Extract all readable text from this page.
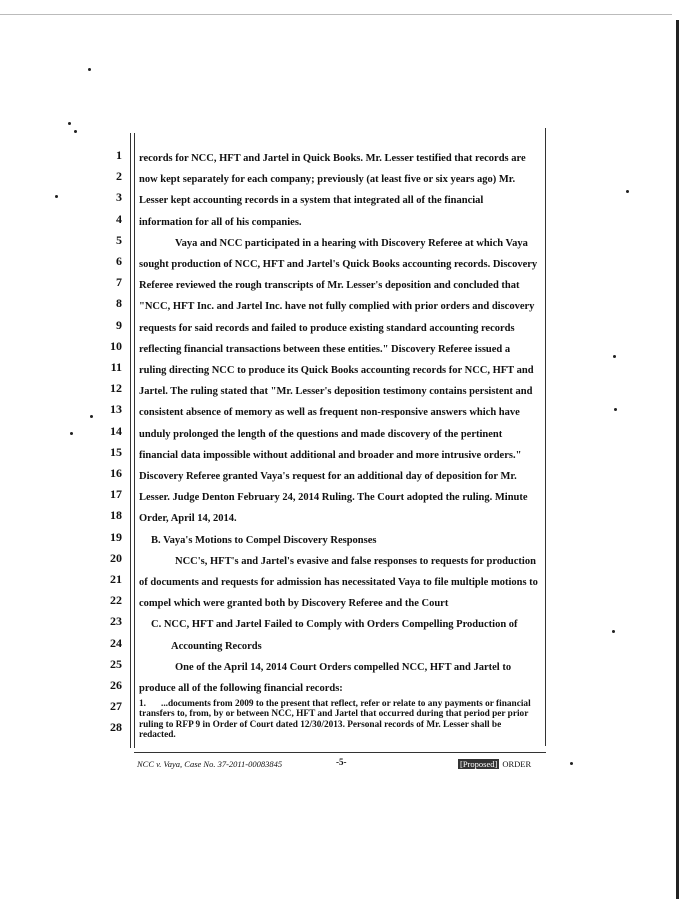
1
2
3
4
5
6
7
8
9
10
11
12
13
14
15
16
17
18
19
20
21
22
23
24
25
26
27
28

records for NCC, HFT and Jartel in Quick Books. Mr. Lesser testified that records are now kept separately for each company; previously (at least five or six years ago) Mr. Lesser kept accounting records in a system that integrated all of the financial information for all of his companies.

Vaya and NCC participated in a hearing with Discovery Referee at which Vaya sought production of NCC, HFT and Jartel's Quick Books accounting records. Discovery Referee reviewed the rough transcripts of Mr. Lesser's deposition and concluded that "NCC, HFT Inc. and Jartel Inc. have not fully complied with prior orders and discovery requests for said records and failed to produce existing standard accounting records reflecting financial transactions between these entities." Discovery Referee issued a ruling directing NCC to produce its Quick Books accounting records for NCC, HFT and Jartel. The ruling stated that "Mr. Lesser's deposition testimony contains persistent and consistent absence of memory as well as frequent non-responsive answers which have unduly prolonged the length of the questions and made discovery of the pertinent financial data impossible without additional and broader and more intrusive orders." Discovery Referee granted Vaya's request for an additional day of deposition for Mr. Lesser. Judge Denton February 24, 2014 Ruling. The Court adopted the ruling. Minute Order, April 14, 2014.

B. Vaya's Motions to Compel Discovery Responses

NCC's, HFT's and Jartel's evasive and false responses to requests for production of documents and requests for admission has necessitated Vaya to file multiple motions to compel which were granted both by Discovery Referee and the Court

C. NCC, HFT and Jartel Failed to Comply with Orders Compelling Production of

Accounting Records

One of the April 14, 2014 Court Orders compelled NCC, HFT and Jartel to produce all of the following financial records:

1. ...documents from 2009 to the present that reflect, refer or relate to any payments or financial transfers to, from, by or between NCC, HFT and Jartel that occurred during that period per prior ruling to RFP 9 in Order of Court dated 12/30/2013. Personal records of Mr. Lesser shall be redacted.

NCC v. Vaya, Case No. 37-2011-00083845	-5-	[Proposed] ORDER
